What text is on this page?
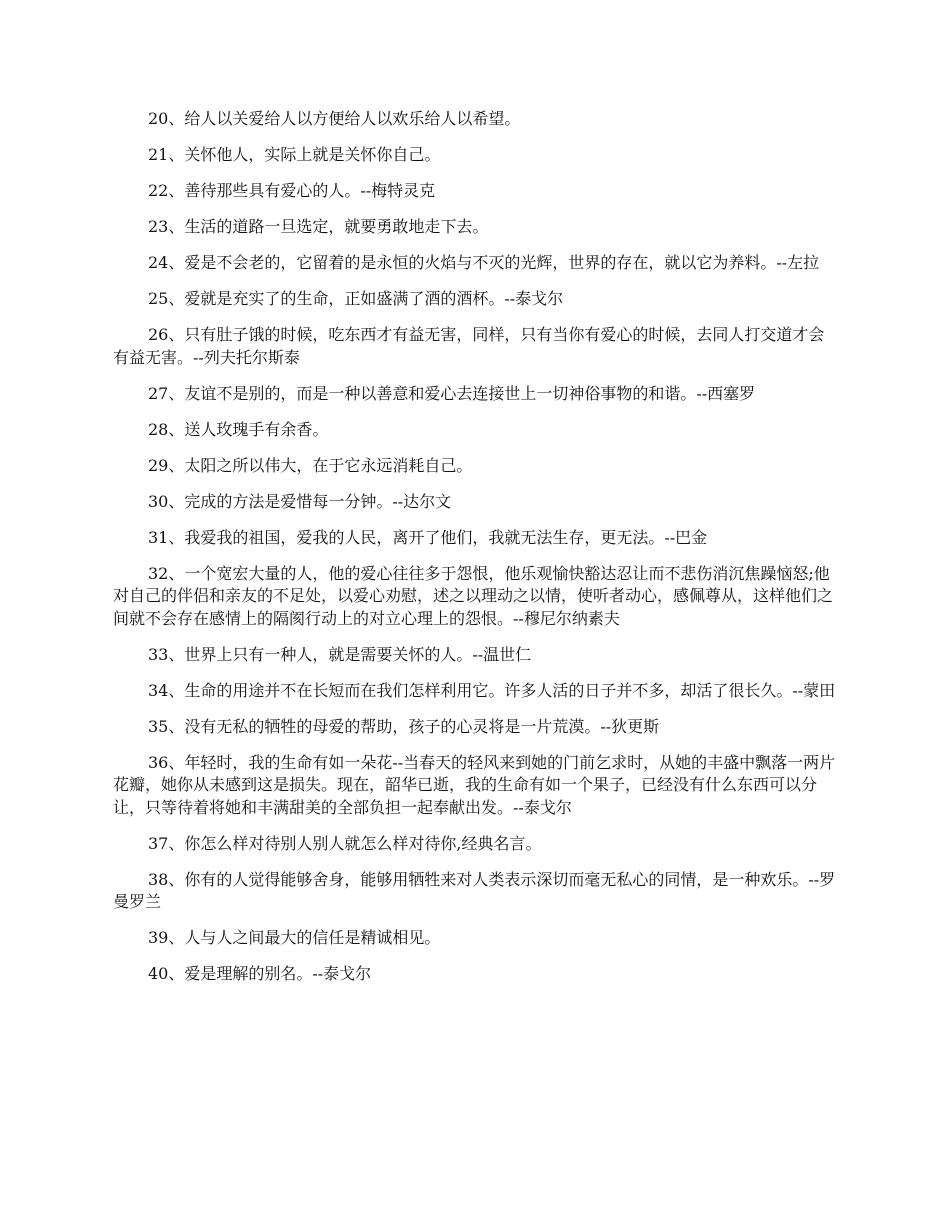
20、给人以关爱给人以方便给人以欢乐给人以希望。

21、关怀他人，实际上就是关怀你自己。

22、善待那些具有爱心的人。--梅特灵克

23、生活的道路一旦选定，就要勇敢地走下去。

24、爱是不会老的，它留着的是永恒的火焰与不灭的光辉，世界的存在，就以它为养料。--左拉

25、爱就是充实了的生命，正如盛满了酒的酒杯。--泰戈尔

26、只有肚子饿的时候，吃东西才有益无害，同样，只有当你有爱心的时候，去同人打交道才会有益无害。--列夫托尔斯泰

27、友谊不是别的，而是一种以善意和爱心去连接世上一切神俗事物的和谐。--西塞罗

28、送人玫瑰手有余香。

29、太阳之所以伟大，在于它永远消耗自己。

30、完成的方法是爱惜每一分钟。--达尔文

31、我爱我的祖国，爱我的人民，离开了他们，我就无法生存，更无法。--巴金

32、一个宽宏大量的人，他的爱心往往多于怨恨，他乐观愉快豁达忍让而不悲伤消沉焦躁恼怒;他对自己的伴侣和亲友的不足处，以爱心劝慰，述之以理动之以情，使听者动心，感佩尊从，这样他们之间就不会存在感情上的隔阂行动上的对立心理上的怨恨。--穆尼尔纳素夫

33、世界上只有一种人，就是需要关怀的人。--温世仁

34、生命的用途并不在长短而在我们怎样利用它。许多人活的日子并不多，却活了很长久。--蒙田

35、没有无私的牺牲的母爱的帮助，孩子的心灵将是一片荒漠。--狄更斯

36、年轻时，我的生命有如一朵花--当春天的轻风来到她的门前乞求时，从她的丰盛中飘落一两片花瓣，她你从未感到这是损失。现在，韶华已逝，我的生命有如一个果子，已经没有什么东西可以分让，只等待着将她和丰满甜美的全部负担一起奉献出发。--泰戈尔

37、你怎么样对待别人别人就怎么样对待你,经典名言。

38、你有的人觉得能够舍身，能够用牺牲来对人类表示深切而毫无私心的同情，是一种欢乐。--罗曼罗兰

39、人与人之间最大的信任是精诚相见。

40、爱是理解的别名。--泰戈尔
